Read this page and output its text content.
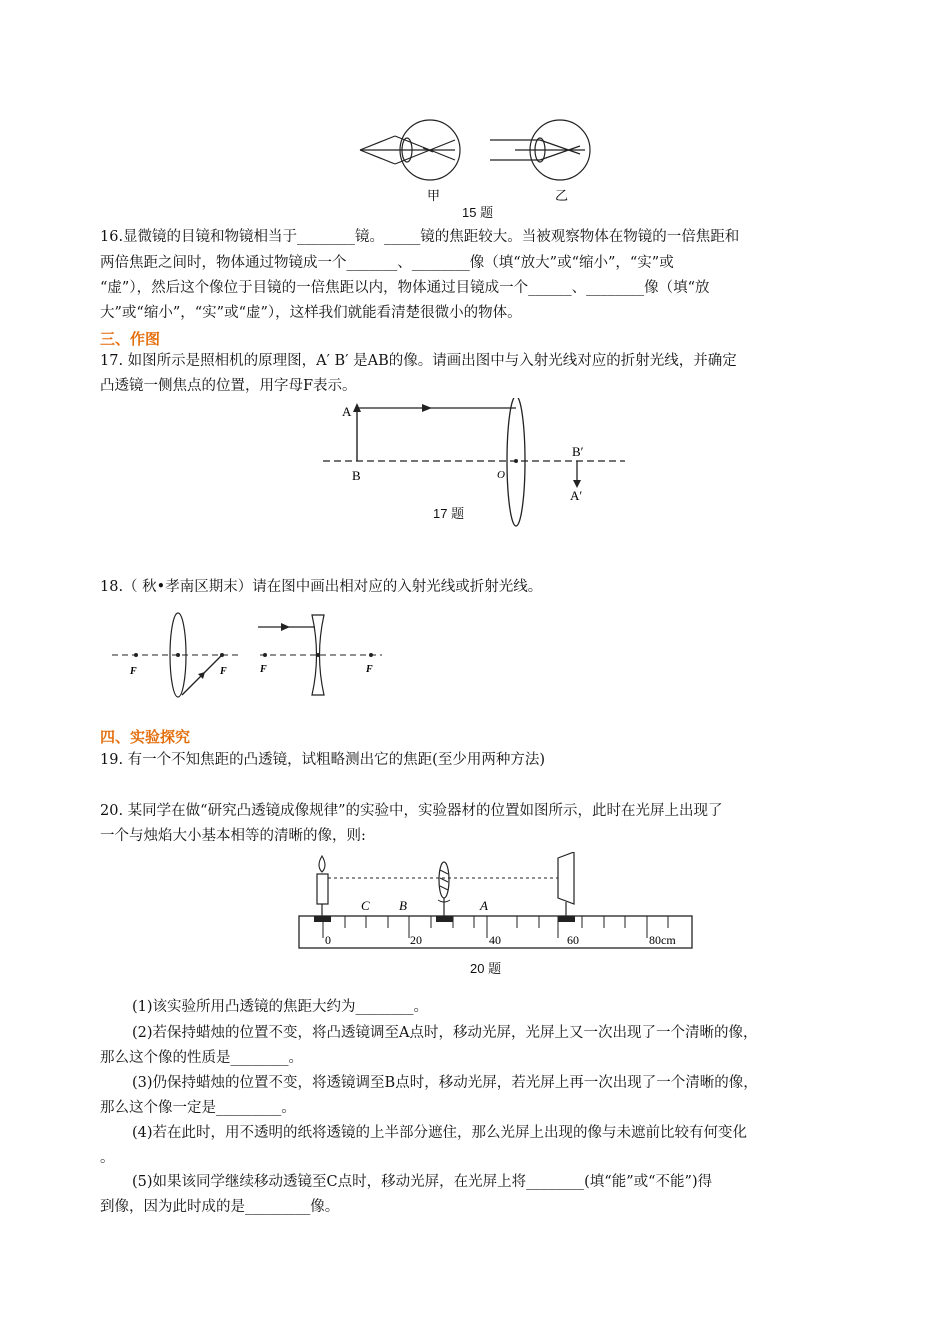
甲	乙
15 题
16.显微镜的目镜和物镜相当于________镜。_____镜的焦距较大。当被观察物体在物镜的一倍焦距和
两倍焦距之间时，物体通过物镜成一个_______、________像（填“放大”或“缩小”，“实”或
“虚”），然后这个像位于目镜的一倍焦距以内，物体通过目镜成一个______、________像（填“放
大”或“缩小”，“实”或“虚”），这样我们就能看清楚很微小的物体。
三、作图
17. 如图所示是照相机的原理图，A′ B′ 是AB的像。请画出图中与入射光线对应的折射光线，并确定
凸透镜一侧焦点的位置，用字母F表示。
A
B	O
B′
A′
17 题
18.（ 秋•孝南区期末）请在图中画出相对应的入射光线或折射光线。
F	F	F	F
四、实验探究
19. 有一个不知焦距的凸透镜，试粗略测出它的焦距(至少用两种方法)
20. 某同学在做“研究凸透镜成像规律”的实验中，实验器材的位置如图所示，此时在光屏上出现了
一个与烛焰大小基本相等的清晰的像，则:
C B	A
0	20	40	60	80cm
20 题
(1)该实验所用凸透镜的焦距大约为________。
(2)若保持蜡烛的位置不变，将凸透镜调至A点时，移动光屏，光屏上又一次出现了一个清晰的像，
那么这个像的性质是________。
(3)仍保持蜡烛的位置不变，将透镜调至B点时，移动光屏，若光屏上再一次出现了一个清晰的像，
那么这个像一定是_________。
(4)若在此时，用不透明的纸将透镜的上半部分遮住，那么光屏上出现的像与未遮前比较有何变化
。
(5)如果该同学继续移动透镜至C点时，移动光屏，在光屏上将________(填“能”或“不能”)得
到像，因为此时成的是_________像。
